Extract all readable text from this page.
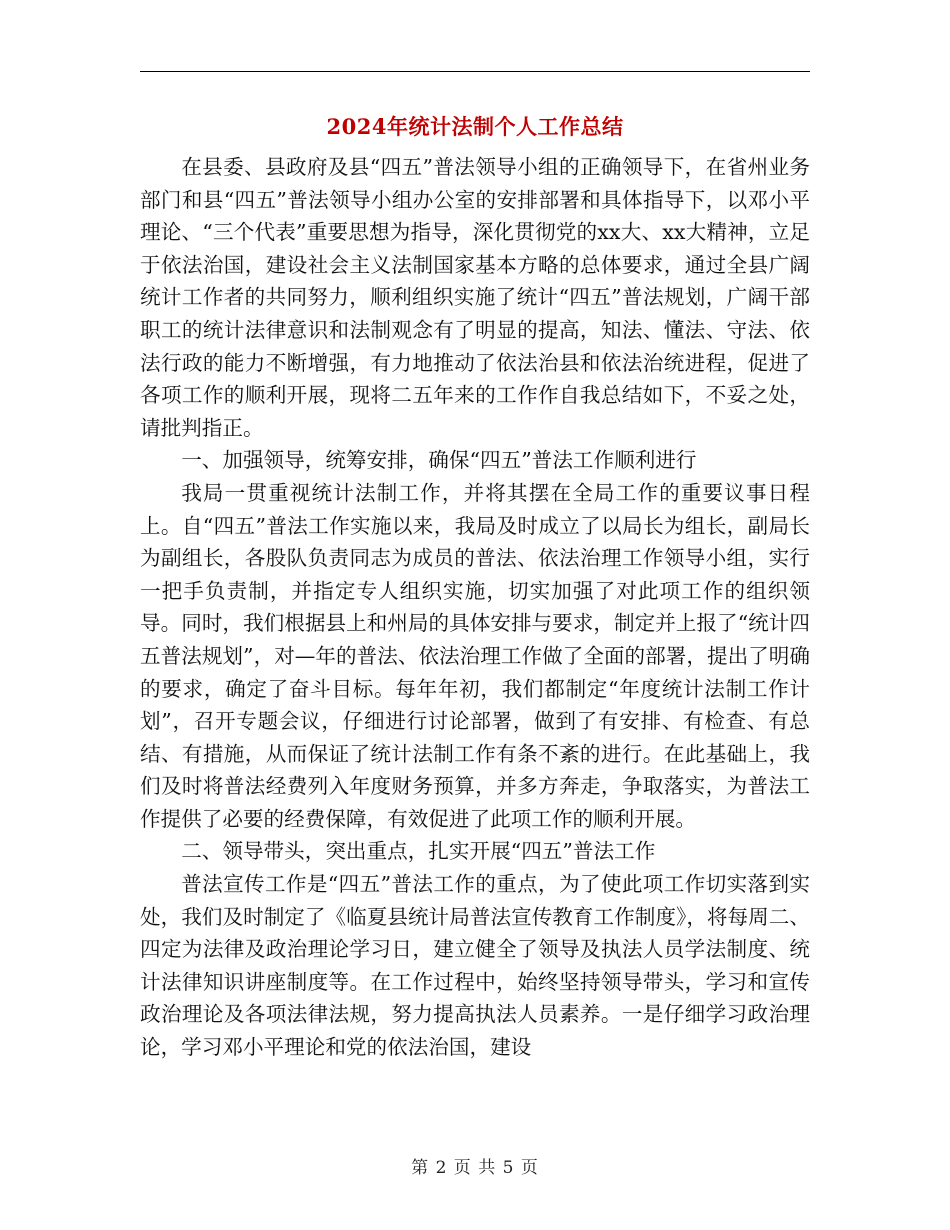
2024年统计法制个人工作总结

在县委、县政府及县“四五”普法领导小组的正确领导下，在省州业务部门和县“四五”普法领导小组办公室的安排部署和具体指导下，以邓小平理论、“三个代表”重要思想为指导，深化贯彻党的xx大、xx大精神，立足于依法治国，建设社会主义法制国家基本方略的总体要求，通过全县广阔统计工作者的共同努力，顺利组织实施了统计“四五”普法规划，广阔干部职工的统计法律意识和法制观念有了明显的提高，知法、懂法、守法、依法行政的能力不断增强，有力地推动了依法治县和依法治统进程，促进了各项工作的顺利开展，现将二五年来的工作作自我总结如下，不妥之处，请批判指正。

一、加强领导，统筹安排，确保“四五”普法工作顺利进行

我局一贯重视统计法制工作，并将其摆在全局工作的重要议事日程上。自“四五”普法工作实施以来，我局及时成立了以局长为组长，副局长为副组长，各股队负责同志为成员的普法、依法治理工作领导小组，实行一把手负责制，并指定专人组织实施，切实加强了对此项工作的组织领导。同时，我们根据县上和州局的具体安排与要求，制定并上报了“统计四五普法规划”，对—年的普法、依法治理工作做了全面的部署，提出了明确的要求，确定了奋斗目标。每年年初，我们都制定“年度统计法制工作计划”，召开专题会议，仔细进行讨论部署，做到了有安排、有检查、有总结、有措施，从而保证了统计法制工作有条不紊的进行。在此基础上，我们及时将普法经费列入年度财务预算，并多方奔走，争取落实，为普法工作提供了必要的经费保障，有效促进了此项工作的顺利开展。

二、领导带头，突出重点，扎实开展“四五”普法工作

普法宣传工作是“四五”普法工作的重点，为了使此项工作切实落到实处，我们及时制定了《临夏县统计局普法宣传教育工作制度》，将每周二、四定为法律及政治理论学习日，建立健全了领导及执法人员学法制度、统计法律知识讲座制度等。在工作过程中，始终坚持领导带头，学习和宣传政治理论及各项法律法规，努力提高执法人员素养。一是仔细学习政治理论，学习邓小平理论和党的依法治国，建设

第 2 页 共 5 页
